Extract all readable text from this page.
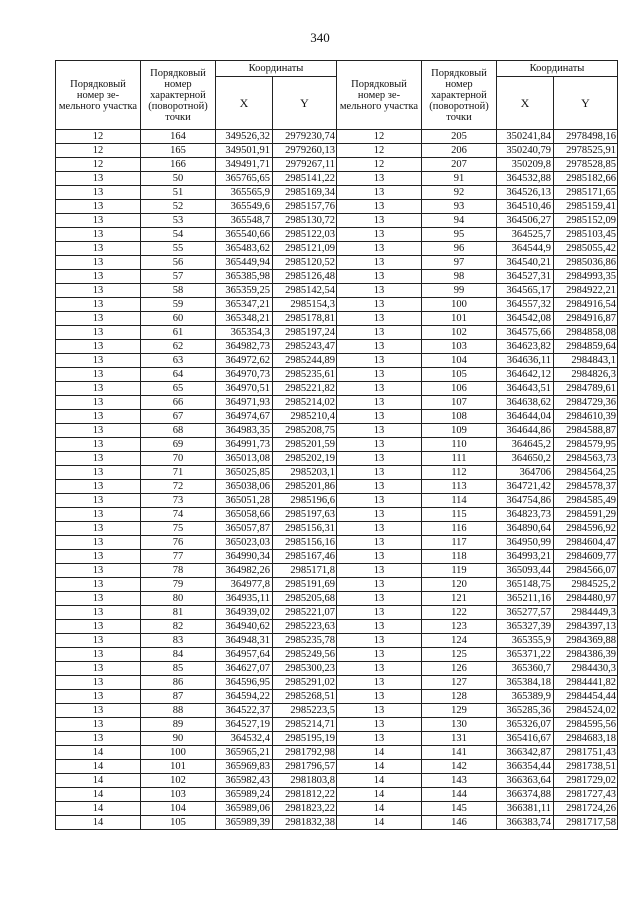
340
Порядковый номер зе- мельного участка	Порядковый номер характерной (поворотной) точки	Координаты		Порядковый номер зе- мельного участка	Порядковый номер характерной (поворотной) точки	Координаты	
		X	Y			X	Y
12	164	349526,32	2979230,74	12	205	350241,84	2978498,16
12	165	349501,91	2979260,13	12	206	350240,79	2978525,91
12	166	349491,71	2979267,11	12	207	350209,8	2978528,85
13	50	365765,65	2985141,22	13	91	364532,88	2985182,66
13	51	365565,9	2985169,34	13	92	364526,13	2985171,65
13	52	365549,6	2985157,76	13	93	364510,46	2985159,41
13	53	365548,7	2985130,72	13	94	364506,27	2985152,09
13	54	365540,66	2985122,03	13	95	364525,7	2985103,45
13	55	365483,62	2985121,09	13	96	364544,9	2985055,42
13	56	365449,94	2985120,52	13	97	364540,21	2985036,86
13	57	365385,98	2985126,48	13	98	364527,31	2984993,35
13	58	365359,25	2985142,54	13	99	364565,17	2984922,21
13	59	365347,21	2985154,3	13	100	364557,32	2984916,54
13	60	365348,21	2985178,81	13	101	364542,08	2984916,87
13	61	365354,3	2985197,24	13	102	364575,66	2984858,08
13	62	364982,73	2985243,47	13	103	364623,82	2984859,64
13	63	364972,62	2985244,89	13	104	364636,11	2984843,1
13	64	364970,73	2985235,61	13	105	364642,12	2984826,3
13	65	364970,51	2985221,82	13	106	364643,51	2984789,61
13	66	364971,93	2985214,02	13	107	364638,62	2984729,36
13	67	364974,67	2985210,4	13	108	364644,04	2984610,39
13	68	364983,35	2985208,75	13	109	364644,86	2984588,87
13	69	364991,73	2985201,59	13	110	364645,2	2984579,95
13	70	365013,08	2985202,19	13	111	364650,2	2984563,73
13	71	365025,85	2985203,1	13	112	364706	2984564,25
13	72	365038,06	2985201,86	13	113	364721,42	2984578,37
13	73	365051,28	2985196,6	13	114	364754,86	2984585,49
13	74	365058,66	2985197,63	13	115	364823,73	2984591,29
13	75	365057,87	2985156,31	13	116	364890,64	2984596,92
13	76	365023,03	2985156,16	13	117	364950,99	2984604,47
13	77	364990,34	2985167,46	13	118	364993,21	2984609,77
13	78	364982,26	2985171,8	13	119	365093,44	2984566,07
13	79	364977,8	2985191,69	13	120	365148,75	2984525,2
13	80	364935,11	2985205,68	13	121	365211,16	2984480,97
13	81	364939,02	2985221,07	13	122	365277,57	2984449,3
13	82	364940,62	2985223,63	13	123	365327,39	2984397,13
13	83	364948,31	2985235,78	13	124	365355,9	2984369,88
13	84	364957,64	2985249,56	13	125	365371,22	2984386,39
13	85	364627,07	2985300,23	13	126	365360,7	2984430,3
13	86	364596,95	2985291,02	13	127	365384,18	2984441,82
13	87	364594,22	2985268,51	13	128	365389,9	2984454,44
13	88	364522,37	2985223,5	13	129	365285,36	2984524,02
13	89	364527,19	2985214,71	13	130	365326,07	2984595,56
13	90	364532,4	2985195,19	13	131	365416,67	2984683,18
14	100	365965,21	2981792,98	14	141	366342,87	2981751,43
14	101	365969,83	2981796,57	14	142	366354,44	2981738,51
14	102	365982,43	2981803,8	14	143	366363,64	2981729,02
14	103	365989,24	2981812,22	14	144	366374,88	2981727,43
14	104	365989,06	2981823,22	14	145	366381,11	2981724,26
14	105	365989,39	2981832,38	14	146	366383,74	2981717,58
